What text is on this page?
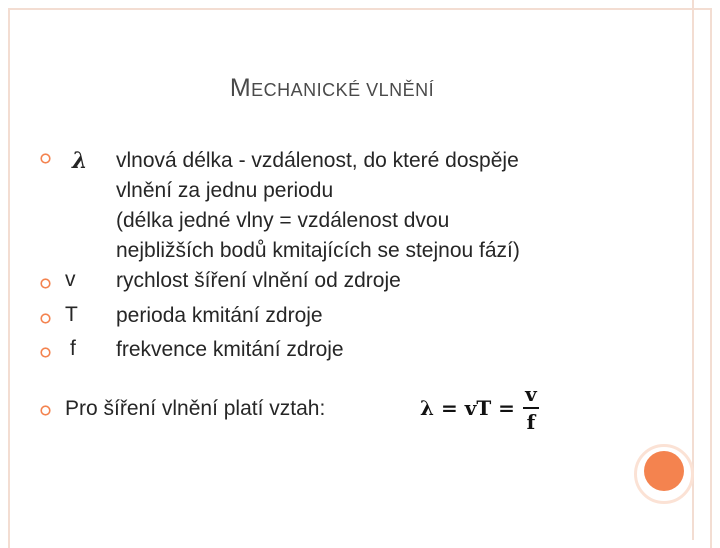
MECHANICKÉ VLNĚNÍ
λ vlnová délka - vzdálenost, do které dospěje
vlnění za jednu periodu
(délka jedné vlny = vzdálenost dvou
nejbližších bodů kmitajících se stejnou fází)
v rychlost šíření vlnění od zdroje
T perioda kmitání zdroje
f frekvence kmitání zdroje
Pro šíření vlnění platí vztah:	λ = vT = $\frac{v}{f}$
